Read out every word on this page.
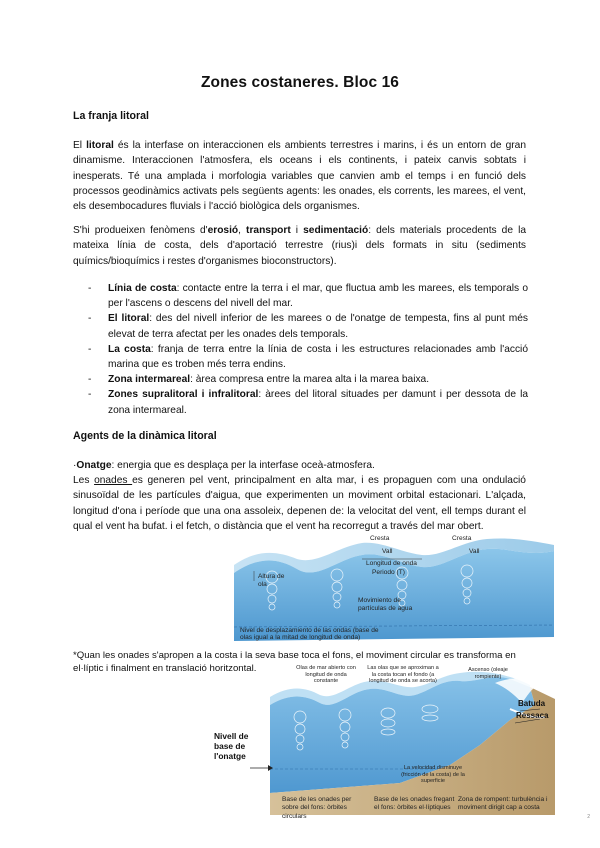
Zones costaneres. Bloc 16

La franja litoral

El litoral és la interfase on interaccionen els ambients terrestres i marins, i és un entorn de gran dinamisme. Interaccionen l'atmosfera, els oceans i els continents, i pateix canvis sobtats i inesperats. Té una amplada i morfologia variables que canvien amb el temps i en funció dels processos geodinàmics activats pels següents agents: les onades, els corrents, les marees, el vent, els desembocadures fluvials i l'acció biològica dels organismes.

S'hi produeixen fenòmens d'erosió, transport i sedimentació: dels materials procedents de la mateixa línia de costa, dels d'aportació terrestre (rius)i dels formats in situ (sediments químics/bioquímics i restes d'organismes bioconstructors).

- Línia de costa: contacte entre la terra i el mar, que fluctua amb les marees, els temporals o per l'ascens o descens del nivell del mar.
- El litoral: des del nivell inferior de les marees o de l'onatge de tempesta, fins al punt més elevat de terra afectat per les onades dels temporals.
- La costa: franja de terra entre la línia de costa i les estructures relacionades amb l'acció marina que es troben més terra endins.
- Zona intermareal: àrea compresa entre la marea alta i la marea baixa.
- Zones supralitoral i infralitoral: àrees del litoral situades per damunt i per dessota de la zona intermareal.

Agents de la dinàmica litoral

·Onatge: energia que es desplaça per la interfase oceà-atmosfera.

Les onades es generen pel vent, principalment en alta mar, i es propaguen com una ondulació sinusoïdal de les partícules d'aigua, que experimenten un moviment orbital estacionari. L'alçada, longitud d'ona i període que una ona assoleix, depenen de: la velocitat del vent, ell temps durant el qual el vent ha bufat. i el fetch, o distància que el vent ha recorregut a través del mar obert.

Cresta	Cresta
Vall	Vall
Longitud de onda
Periodo (T)
Altura de ola
Movimiento de partículas de agua
Nivel de desplazamiento de las ondas (base de olas igual a la mitad de longitud de onda)

*Quan les onades s'apropen a la costa i la seva base toca el fons, el moviment circular es transforma en el·líptic i finalment en translació horitzontal.

Nivell de base de l'onatge
Batuda
Ressaca
Olas de mar abierto con longitud de onda constante
Las olas que se aproximan a la costa tocan el fondo (a longitud de onda se acorta)
Ascenso (oleaje rompiente)
La velocidad disminuye (fricción de la costa) de la superficie
Base de les onades per sobre del fons: òrbites circulars
Base de les onades fregant el fons: òrbites el·líptiques
Zona de rompent: turbulència i moviment dirigit cap a costa
2
